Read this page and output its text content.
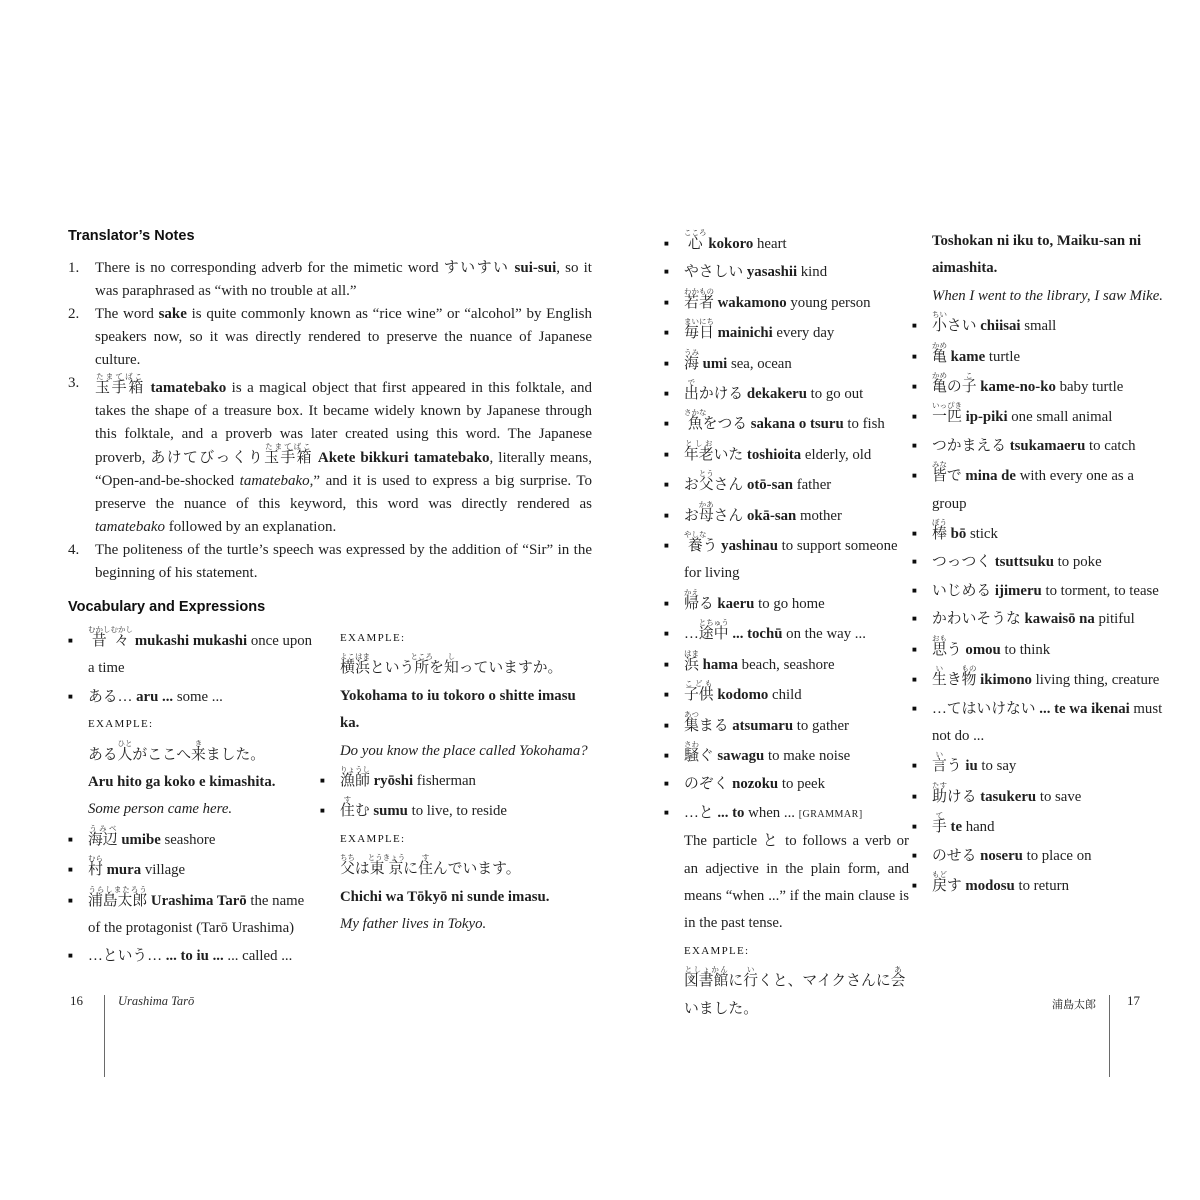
Translator’s Notes
1.	There is no corresponding adverb for the mimetic word すいすい sui-sui, so it was paraphrased as “with no trouble at all.”
2.	The word sake is quite commonly known as “rice wine” or “alcohol” by English speakers now, so it was directly rendered to preserve the nuance of Japanese culture.
3.	玉手箱たまてばこ tamatebako is a magical object that first appeared in this folktale, and takes the shape of a treasure box. It became widely known by Japanese through this folktale, and a proverb was later created using this word. The Japanese proverb, あけてびっくり玉手箱たまてばこ Akete bikkuri tamatebako, literally means, “Open-and-be-shocked tamatebako,” and it is used to express a big surprise. To preserve the nuance of this keyword, this word was directly rendered as tamatebako followed by an explanation.
4.	The politeness of the turtle’s speech was expressed by the addition of “Sir” in the beginning of his statement.
Vocabulary and Expressions
■ 昔々むかしむかし mukashi mukashi once upon a time
■ ある… aru ... some ...
EXAMPLE:
ある人ひとがここへ来きました。
Aru hito ga koko e kimashita.
Some person came here.
■ 海辺うみべ umibe seashore
■ 村むら mura village
■ 浦島太郎うらしまたろう Urashima Tarō the name of the protagonist (Tarō Urashima)
■ …という… ... to iu ... ... called ...
EXAMPLE:
横浜よこはまという所ところを知しっていますか。
Yokohama to iu tokoro o shitte imasu ka.
Do you know the place called Yokohama?
■ 漁師りょうし ryōshi fisherman
■ 住すむ sumu to live, to reside
EXAMPLE:
父ちちは東京とうきょうに住すんでいます。
Chichi wa Tōkyō ni sunde imasu.
My father lives in Tokyo.
■ 心こころ kokoro heart
■ やさしい yasashii kind
■ 若者わかもの wakamono young person
■ 毎日まいにち mainichi every day
■ 海うみ umi sea, ocean
■ 出でかける dekakeru to go out
■ 魚さかなをつる sakana o tsuru to fish
■ 年老としおいた toshioita elderly, old
■ お父とうさん otō-san father
■ お母かあさん okā-san mother
■ 養やしなう yashinau to support someone for living
■ 帰かえる kaeru to go home
■ …途中とちゅう ... tochū on the way ...
■ 浜はま hama beach, seashore
■ 子供こども kodomo child
■ 集あつまる atsumaru to gather
■ 騒さわぐ sawagu to make noise
■ のぞく nozoku to peek
■ …と ... to when ... [GRAMMAR]
The particle と to follows a verb or an adjective in the plain form, and means “when ...” if the main clause is in the past tense.
EXAMPLE:
図書館としょかんに行いくと、マイクさんに会あいました。
Toshokan ni iku to, Maiku-san ni aimashita.
When I went to the library, I saw Mike.
■ 小ちいさい chiisai small
■ 亀かめ kame turtle
■ 亀かめの子こ kame-no-ko baby turtle
■ 一匹いっぴき ip-piki one small animal
■ つかまえる tsukamaeru to catch
■ 皆みなで mina de with every one as a group
■ 棒ぼう bō stick
■ つっつく tsuttsuku to poke
■ いじめる ijimeru to torment, to tease
■ かわいそうな kawaisō na pitiful
■ 思おもう omou to think
■ 生いき物もの ikimono living thing, creature
■ …てはいけない ... te wa ikenai must not do ...
■ 言いう iu to say
■ 助たすける tasukeru to save
■ 手て te hand
■ のせる noseru to place on
■ 戻もどす modosu to return
16	Urashima Tarō	浦島太郎 17
